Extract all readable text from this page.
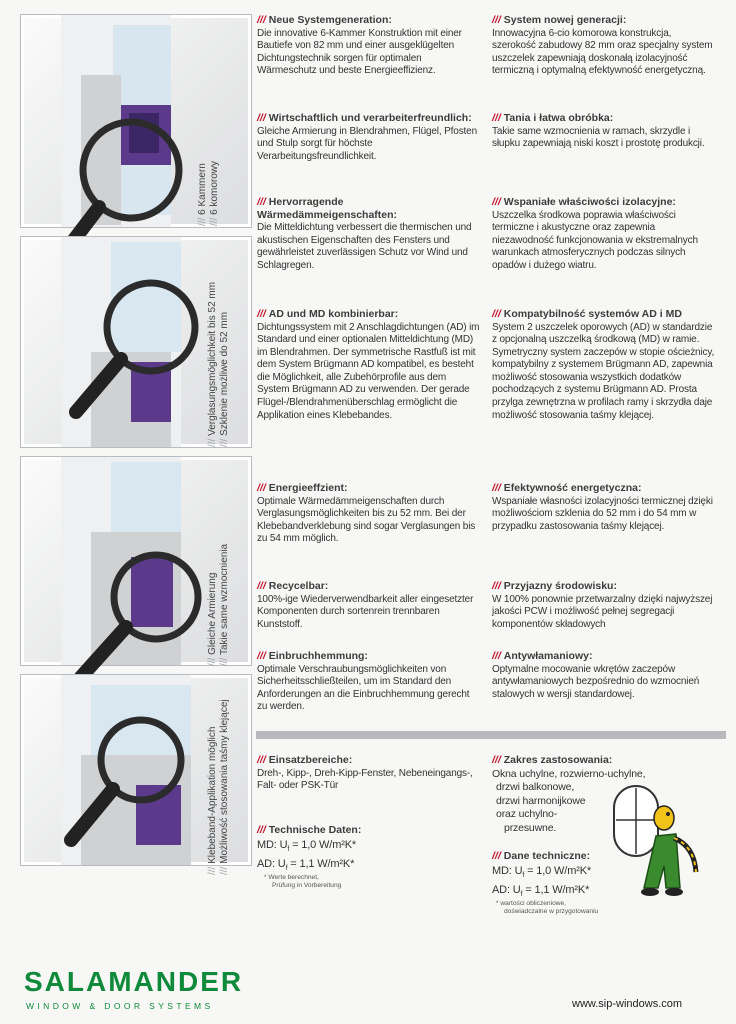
/// 6 Kammern
/// 6 komorowy
/// Verglasungsmöglichkeit bis 52 mm
/// Szklenie możliwe do 52 mm
/// Gleiche Armierung
/// Takie same wzmocnienia
/// Klebeband-Applikation möglich
/// Możliwość stosowania taśmy klejącej
/// Neue Systemgeneration:

Die innovative 6-Kammer Konstruktion mit einer Bautiefe von 82 mm und einer ausgeklügelten Dichtungstechnik sorgen für optimalen Wärmeschutz und beste Energieeffizienz.

/// Wirtschaftlich und verarbeiterfreundlich:

Gleiche Armierung in Blendrahmen, Flügel, Pfosten und Stulp sorgt für höchste Verarbeitungsfreundlichkeit.

/// Hervorragende Wärmedämmeigenschaften:

Die Mitteldichtung verbessert die thermischen und akustischen Eigenschaften des Fensters und gewährleistet zuverlässigen Schutz vor Wind und Schlagregen.

/// AD und MD kombinierbar:

Dichtungssystem mit 2 Anschlagdichtungen (AD) im Standard und einer optionalen Mitteldichtung (MD) im Blendrahmen. Der symmetrische Rastfuß ist mit dem System Brügmann AD kompatibel, es besteht die Möglichkeit, alle Zubehörprofile aus dem System Brügmann AD zu verwenden. Der gerade Flügel-/Blendrahmenüberschlag ermöglicht die Applikation eines Klebebandes.

/// Energieeffzient:

Optimale Wärmedämmeigenschaften durch Verglasungsmöglichkeiten bis zu 52 mm. Bei der Klebebandverklebung sind sogar Verglasungen bis zu 54 mm möglich.

/// Recycelbar:

100%-ige Wiederverwendbarkeit aller eingesetzter Komponenten durch sortenrein trennbaren Kunststoff.

/// Einbruchhemmung:

Optimale Verschraubungsmöglichkeiten von Sicherheitsschließteilen, um im Standard den Anforderungen an die Einbruchhemmung gerecht zu werden.

/// System nowej generacji:

Innowacyjna 6-cio komorowa konstrukcja, szerokość zabudowy 82 mm oraz specjalny system uszczelek zapewniają doskonałą izolacyjność termiczną i optymalną efektywność energetyczną.

/// Tania i łatwa obróbka:

Takie same wzmocnienia w ramach, skrzydle i słupku zapewniają niski koszt i prostotę produkcji.

/// Wspaniałe właściwości izolacyjne:

Uszczelka środkowa poprawia właściwości termiczne i akustyczne oraz zapewnia niezawodność funkcjonowania w ekstremalnych warunkach atmosferycznych podczas silnych opadów i dużego wiatru.

/// Kompatybilność systemów AD i MD

System 2 uszczelek oporowych (AD) w standardzie z opcjonalną uszczelką środkową (MD) w ramie. Symetryczny system zaczepów w stopie ościeżnicy, kompatybilny z systemem Brügmann AD, zapewnia możliwość stosowania wszystkich dodatków pochodzących z systemu Brügmann AD. Prosta przylga zewnętrzna w profilach ramy i skrzydła daje możliwość stosowania taśmy klejącej.

/// Efektywność energetyczna:

Wspaniałe własności izolacyjności termicznej dzięki możliwościom szklenia do 52 mm i do 54 mm w przypadku zastosowania taśmy klejącej.

/// Przyjazny środowisku:

W 100% ponownie przetwarzalny dzięki najwyższej jakości PCW i możliwość pełnej segregacji komponentów składowych

/// Antywłamaniowy:

Optymalne mocowanie wkrętów zaczepów antywłamaniowych bezpośrednio do wzmocnień stalowych w wersji standardowej.

/// Einsatzbereiche:

Dreh-, Kipp-, Dreh-Kipp-Fenster, Nebeneingangs-, Falt- oder PSK-Tür

/// Technische Daten:

MD: $U_f = 1,0$ W/m²K*
AD: $U_f = 1,1$ W/m²K*

* Werte berechnet,
Prüfung in Vorbereitung
/// Zakres zastosowania:

Okna uchylne, rozwierno-uchylne,
drzwi balkonowe,
drzwi harmonijkowe
oraz uchylno-
przesuwne.

/// Dane techniczne:

MD: $U_f = 1,0$ W/m²K*
AD: $U_f = 1,1$ W/m²K*

* wartości obliczeniowe,
doświadczalne w przygotowaniu
SALAMANDER
WINDOW & DOOR SYSTEMS	www.sip-windows.com
